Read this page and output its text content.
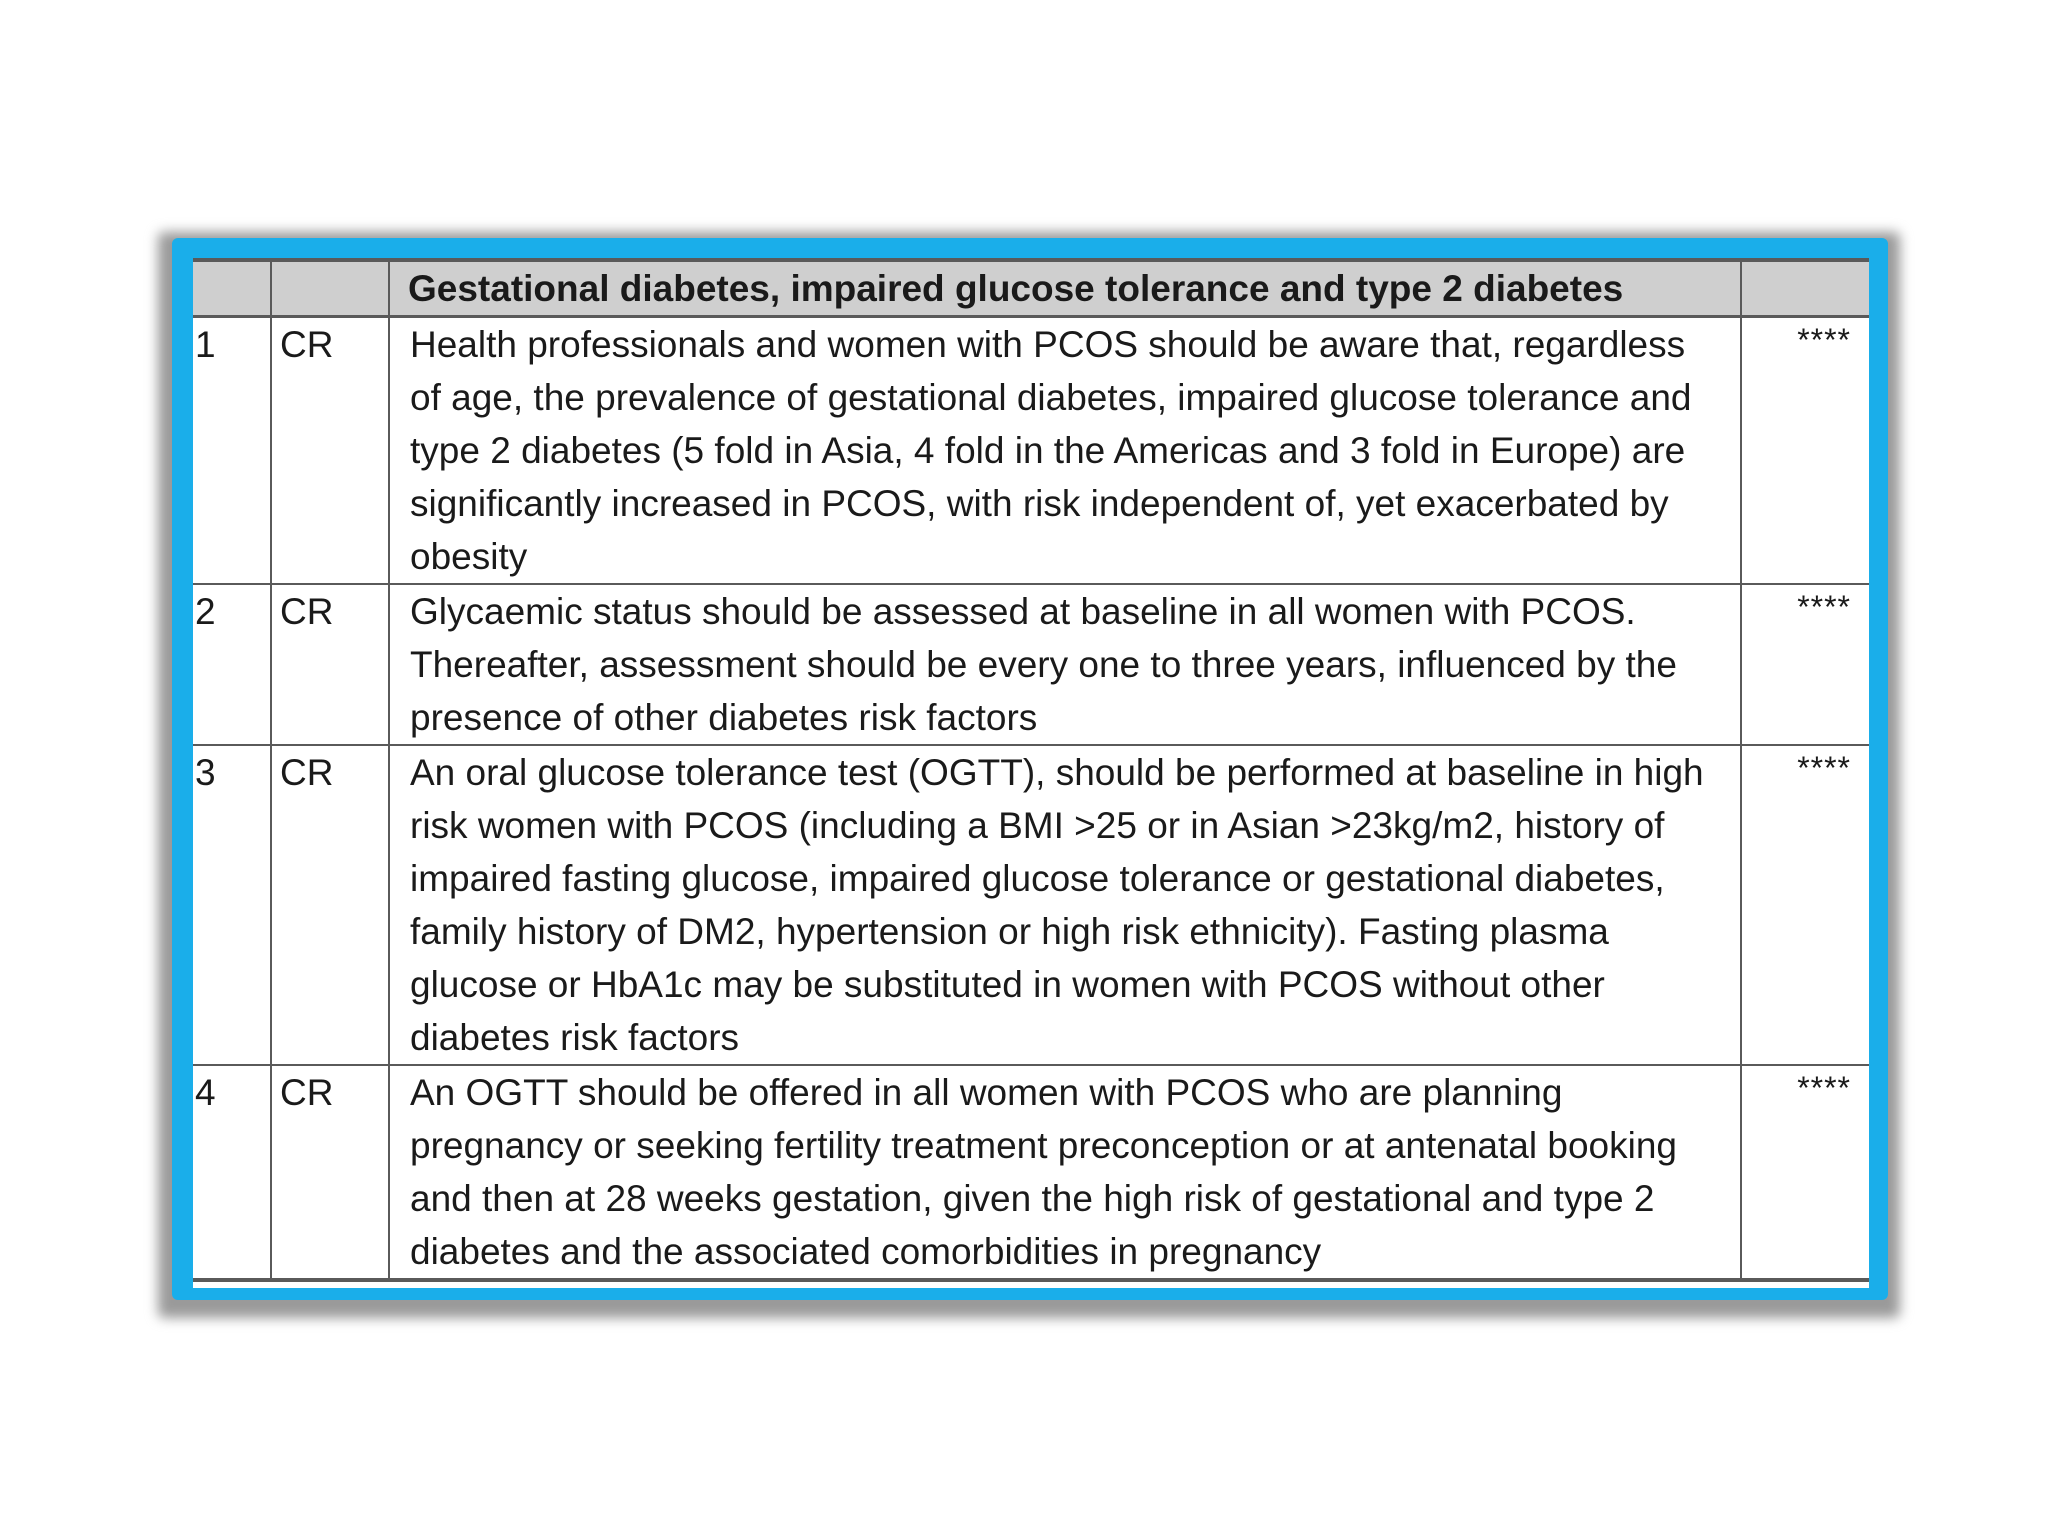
		Gestational diabetes, impaired glucose tolerance and type 2 diabetes	
1	CR	Health professionals and women with PCOS should be aware that, regardless of age, the prevalence of gestational diabetes, impaired glucose tolerance and type 2 diabetes (5 fold in Asia, 4 fold in the Americas and 3 fold in Europe) are significantly increased in PCOS, with risk independent of, yet exacerbated by obesity	****
2	CR	Glycaemic status should be assessed at baseline in all women with PCOS. Thereafter, assessment should be every one to three years, influenced by the presence of other diabetes risk factors	****
3	CR	An oral glucose tolerance test (OGTT), should be performed at baseline in high risk women with PCOS (including a BMI >25 or in Asian >23kg/m2, history of impaired fasting glucose, impaired glucose tolerance or gestational diabetes, family history of DM2, hypertension or high risk ethnicity). Fasting plasma glucose or HbA1c may be substituted in women with PCOS without other diabetes risk factors	****
4	CR	An OGTT should be offered in all women with PCOS who are planning pregnancy or seeking fertility treatment preconception or at antenatal booking and then at 28 weeks gestation, given the high risk of gestational and type 2 diabetes and the associated comorbidities in pregnancy	****
